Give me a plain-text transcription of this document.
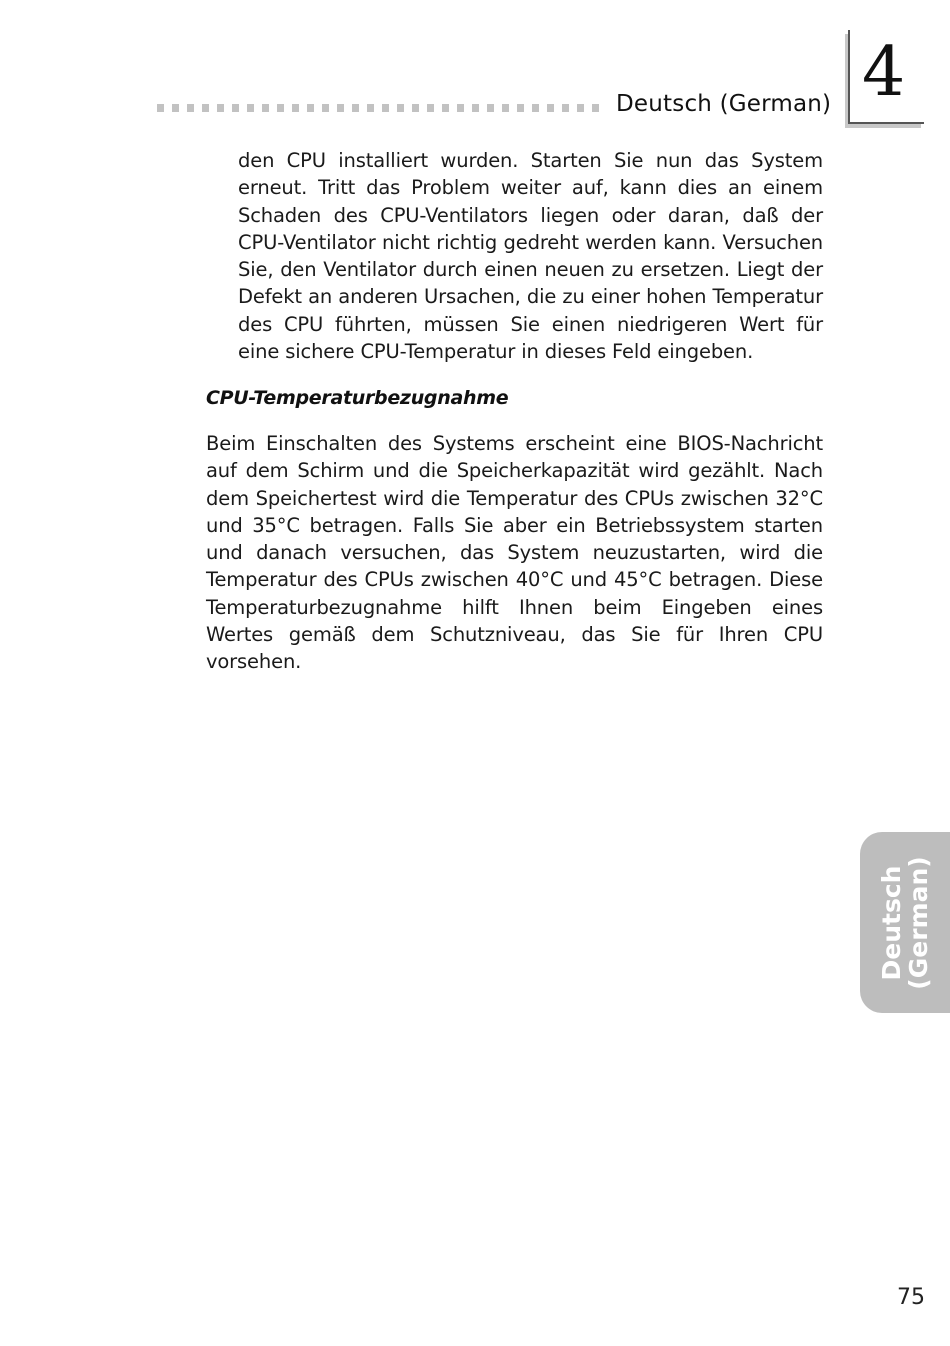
Deutsch (German) 4

den CPU installiert wurden. Starten Sie nun das System erneut. Tritt das Problem weiter auf, kann dies an einem Schaden des CPU-Ventilators liegen oder daran, daß der CPU-Ventilator nicht richtig gedreht werden kann. Versuchen Sie, den Ventilator durch einen neuen zu ersetzen. Liegt der Defekt an anderen Ursachen, die zu einer hohen Temperatur des CPU führten, müssen Sie einen niedrigeren Wert für eine sichere CPU-Temperatur in dieses Feld eingeben.

CPU-Temperaturbezugnahme

Beim Einschalten des Systems erscheint eine BIOS-Nachricht auf dem Schirm und die Speicherkapazität wird gezählt. Nach dem Speichertest wird die Temperatur des CPUs zwischen 32°C und 35°C betragen. Falls Sie aber ein Betriebssystem starten und danach versuchen, das System neuzustarten, wird die Temperatur des CPUs zwischen 40°C und 45°C betragen. Diese Temperaturbezugnahme hilft Ihnen beim Eingeben eines Wertes gemäß dem Schutzniveau, das Sie für Ihren CPU vorsehen.

Deutsch
(German)
75
